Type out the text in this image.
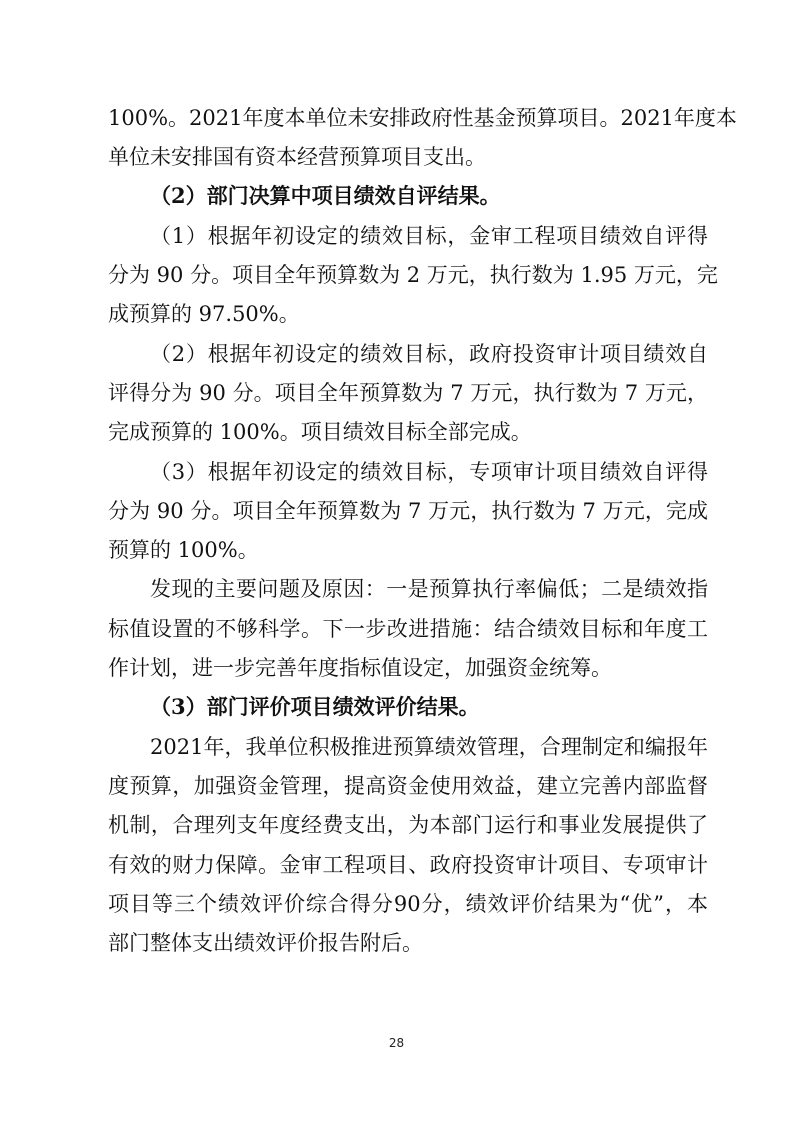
100%。2021年度本单位未安排政府性基金预算项目。2021年度本
单位未安排国有资本经营预算项目支出。
（2）部门决算中项目绩效自评结果。
（1）根据年初设定的绩效目标，金审工程项目绩效自评得
分为 90 分。项目全年预算数为 2 万元，执行数为 1.95 万元，完
成预算的 97.50%。
（2）根据年初设定的绩效目标，政府投资审计项目绩效自
评得分为 90 分。项目全年预算数为 7 万元，执行数为 7 万元，
完成预算的 100%。项目绩效目标全部完成。
（3）根据年初设定的绩效目标，专项审计项目绩效自评得
分为 90 分。项目全年预算数为 7 万元，执行数为 7 万元，完成
预算的 100%。
发现的主要问题及原因：一是预算执行率偏低；二是绩效指
标值设置的不够科学。下一步改进措施：结合绩效目标和年度工
作计划，进一步完善年度指标值设定，加强资金统筹。
（3）部门评价项目绩效评价结果。
2021年，我单位积极推进预算绩效管理，合理制定和编报年
度预算，加强资金管理，提高资金使用效益，建立完善内部监督
机制，合理列支年度经费支出，为本部门运行和事业发展提供了
有效的财力保障。金审工程项目、政府投资审计项目、专项审计
项目等三个绩效评价综合得分90分，绩效评价结果为“优”，本
部门整体支出绩效评价报告附后。
28
